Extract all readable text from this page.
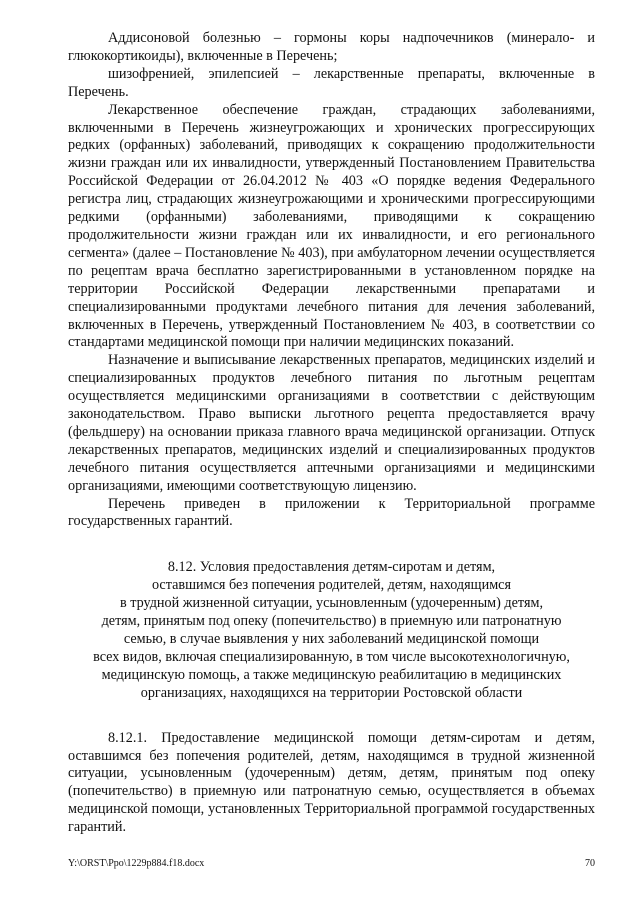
Аддисоновой болезнью – гормоны коры надпочечников (минерало- и глюкокортикоиды), включенные в Перечень;

шизофренией, эпилепсией – лекарственные препараты, включенные в Перечень.

Лекарственное обеспечение граждан, страдающих заболеваниями, включенными в Перечень жизнеугрожающих и хронических прогрессирующих редких (орфанных) заболеваний, приводящих к сокращению продолжительности жизни граждан или их инвалидности, утвержденный Постановлением Правительства Российской Федерации от 26.04.2012 № 403 «О порядке ведения Федерального регистра лиц, страдающих жизнеугрожающими и хроническими прогрессирующими редкими (орфанными) заболеваниями, приводящими к сокращению продолжительности жизни граждан или их инвалидности, и его регионального сегмента» (далее – Постановление № 403), при амбулаторном лечении осуществляется по рецептам врача бесплатно зарегистрированными в установленном порядке на территории Российской Федерации лекарственными препаратами и специализированными продуктами лечебного питания для лечения заболеваний, включенных в Перечень, утвержденный Постановлением № 403, в соответствии со стандартами медицинской помощи при наличии медицинских показаний.

Назначение и выписывание лекарственных препаратов, медицинских изделий и специализированных продуктов лечебного питания по льготным рецептам осуществляется медицинскими организациями в соответствии с действующим законодательством. Право выписки льготного рецепта предоставляется врачу (фельдшеру) на основании приказа главного врача медицинской организации. Отпуск лекарственных препаратов, медицинских изделий и специализированных продуктов лечебного питания осуществляется аптечными организациями и медицинскими организациями, имеющими соответствующую лицензию.

Перечень приведен в приложении к Территориальной программе государственных гарантий.

8.12. Условия предоставления детям-сиротам и детям,
оставшимся без попечения родителей, детям, находящимся
в трудной жизненной ситуации, усыновленным (удочеренным) детям,
детям, принятым под опеку (попечительство) в приемную или патронатную
семью, в случае выявления у них заболеваний медицинской помощи
всех видов, включая специализированную, в том числе высокотехнологичную,
медицинскую помощь, а также медицинскую реабилитацию в медицинских
организациях, находящихся на территории Ростовской области

8.12.1. Предоставление медицинской помощи детям-сиротам и детям, оставшимся без попечения родителей, детям, находящимся в трудной жизненной ситуации, усыновленным (удочеренным) детям, детям, принятым под опеку (попечительство) в приемную или патронатную семью, осуществляется в объемах медицинской помощи, установленных Территориальной программой государственных гарантий.

Y:\ORST\Ppo\1229p884.f18.docx	70
